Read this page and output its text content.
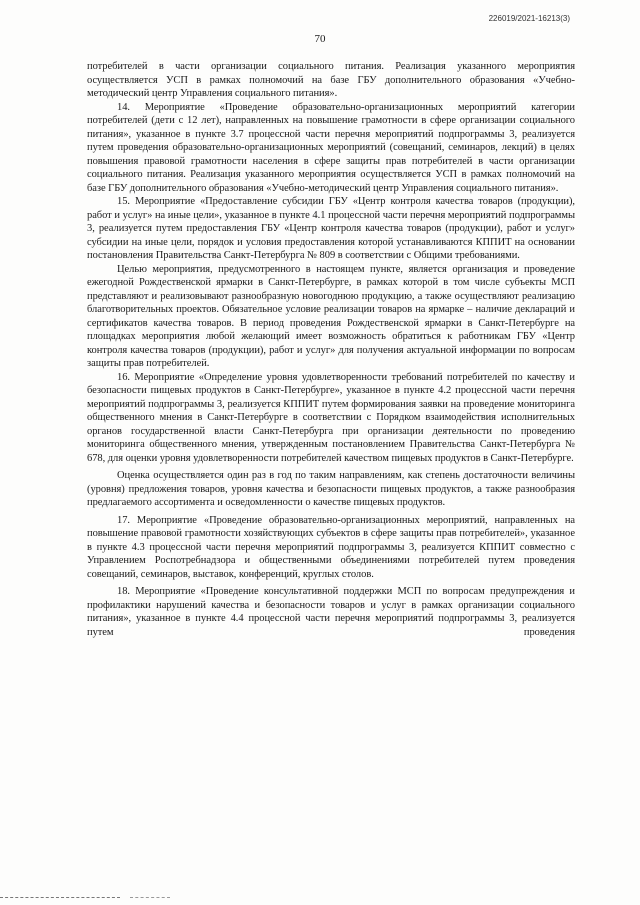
226019/2021-16213(3)
70

потребителей в части организации социального питания. Реализация указанного мероприятия осуществляется УСП в рамках полномочий на базе ГБУ дополнительного образования «Учебно-методический центр Управления социального питания».

14. Мероприятие «Проведение образовательно-организационных мероприятий категории потребителей (дети с 12 лет), направленных на повышение грамотности в сфере организации социального питания», указанное в пункте 3.7 процессной части перечня мероприятий подпрограммы 3, реализуется путем проведения образовательно-организационных мероприятий (совещаний, семинаров, лекций) в целях повышения правовой грамотности населения в сфере защиты прав потребителей в части организации социального питания. Реализация указанного мероприятия осуществляется УСП в рамках полномочий на базе ГБУ дополнительного образования «Учебно-методический центр Управления социального питания».

15. Мероприятие «Предоставление субсидии ГБУ «Центр контроля качества товаров (продукции), работ и услуг» на иные цели», указанное в пункте 4.1 процессной части перечня мероприятий подпрограммы 3, реализуется путем предоставления ГБУ «Центр контроля качества товаров (продукции), работ и услуг» субсидии на иные цели, порядок и условия предоставления которой устанавливаются КППИТ на основании постановления Правительства Санкт-Петербурга № 809 в соответствии с Общими требованиями.

Целью мероприятия, предусмотренного в настоящем пункте, является организация и проведение ежегодной Рождественской ярмарки в Санкт-Петербурге, в рамках которой в том числе субъекты МСП представляют и реализовывают разнообразную новогоднюю продукцию, а также осуществляют реализацию благотворительных проектов. Обязательное условие реализации товаров на ярмарке – наличие деклараций и сертификатов качества товаров. В период проведения Рождественской ярмарки в Санкт-Петербурге на площадках мероприятия любой желающий имеет возможность обратиться к работникам ГБУ «Центр контроля качества товаров (продукции), работ и услуг» для получения актуальной информации по вопросам защиты прав потребителей.

16. Мероприятие «Определение уровня удовлетворенности требований потребителей по качеству и безопасности пищевых продуктов в Санкт-Петербурге», указанное в пункте 4.2 процессной части перечня мероприятий подпрограммы 3, реализуется КППИТ путем формирования заявки на проведение мониторинга общественного мнения в Санкт-Петербурге в соответствии с Порядком взаимодействия исполнительных органов государственной власти Санкт-Петербурга при организации деятельности по проведению мониторинга общественного мнения, утвержденным постановлением Правительства Санкт-Петербурга № 678, для оценки уровня удовлетворенности потребителей качеством пищевых продуктов в Санкт-Петербурге.

Оценка осуществляется один раз в год по таким направлениям, как степень достаточности величины (уровня) предложения товаров, уровня качества и безопасности пищевых продуктов, а также разнообразия предлагаемого ассортимента и осведомленности о качестве пищевых продуктов.

17. Мероприятие «Проведение образовательно-организационных мероприятий, направленных на повышение правовой грамотности хозяйствующих субъектов в сфере защиты прав потребителей», указанное в пункте 4.3 процессной части перечня мероприятий подпрограммы 3, реализуется КППИТ совместно с Управлением Роспотребнадзора и общественными объединениями потребителей путем проведения совещаний, семинаров, выставок, конференций, круглых столов.

18. Мероприятие «Проведение консультативной поддержки МСП по вопросам предупреждения и профилактики нарушений качества и безопасности товаров и услуг в рамках организации социального питания», указанное в пункте 4.4 процессной части перечня мероприятий подпрограммы 3, реализуется путем проведения
